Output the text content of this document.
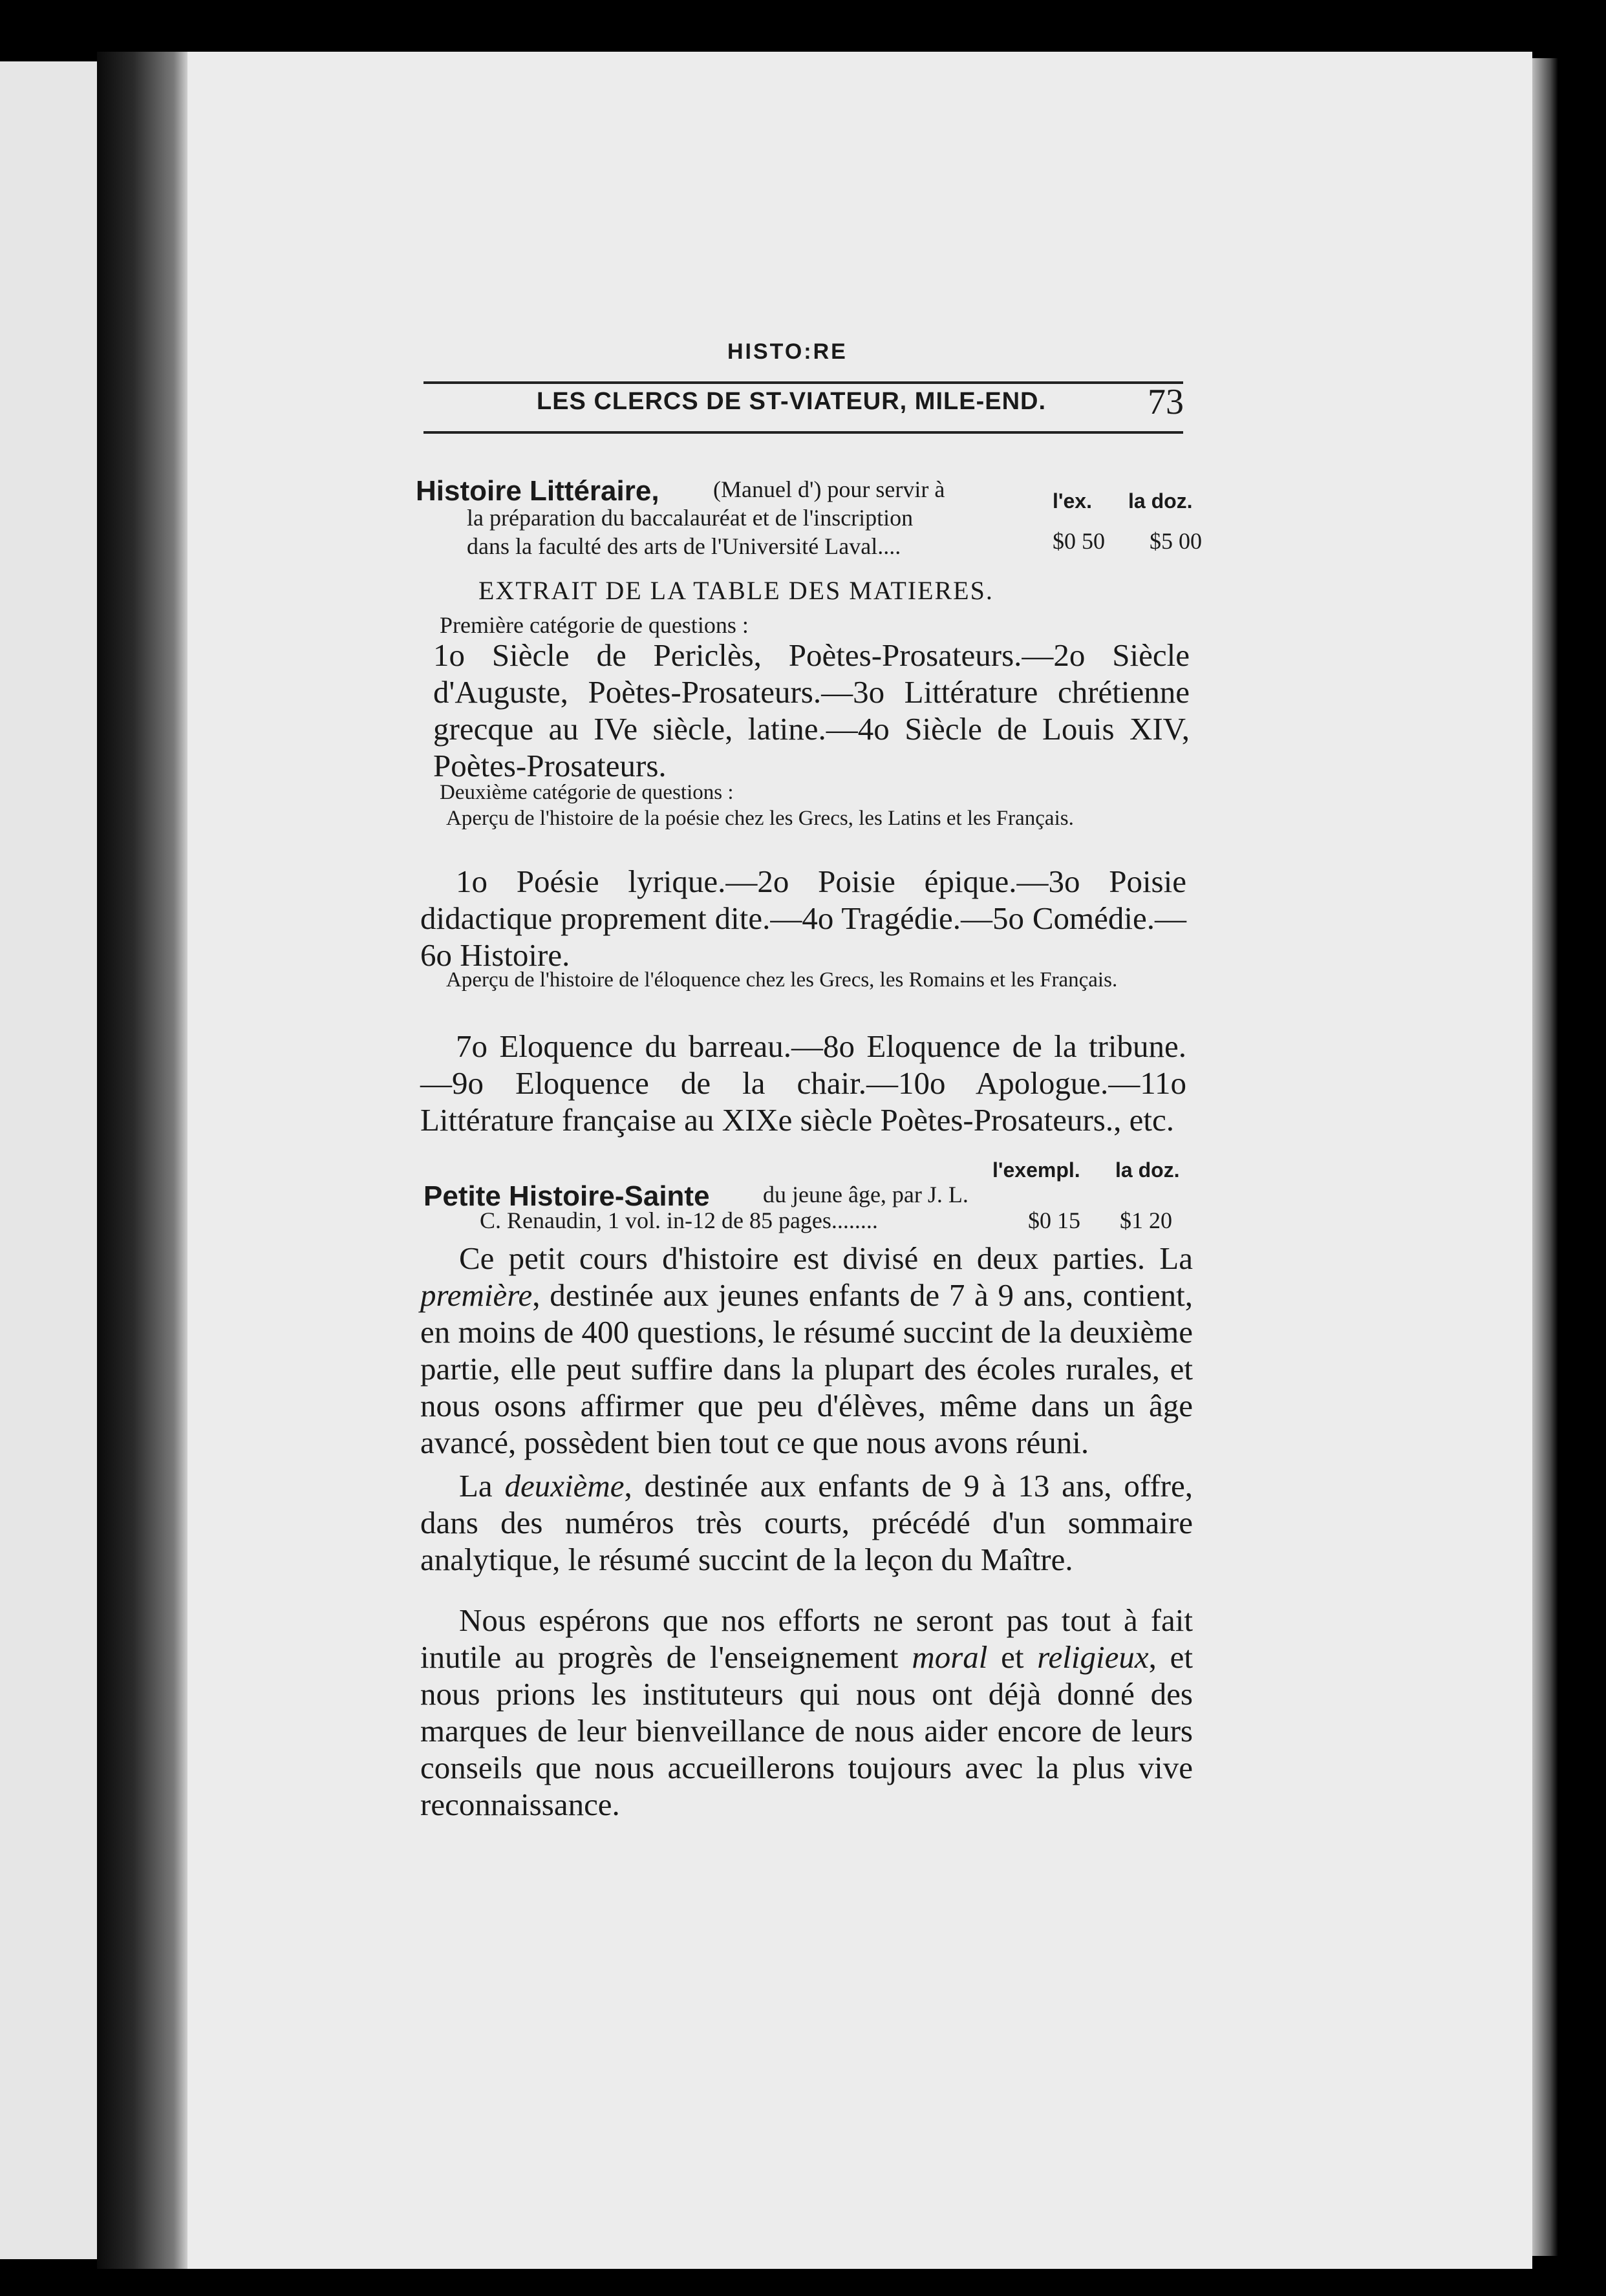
HISTO:RE
LES CLERCS DE ST-VIATEUR, MILE-END.	73
Histoire Littéraire, (Manuel d') pour servir à
la préparation du baccalauréat et de l'inscription
dans la faculté des arts de l'Université Laval....
l'ex. la doz.
$0 50 $5 00
EXTRAIT DE LA TABLE DES MATIERES.
Première catégorie de questions :
1o Siècle de Periclès, Poètes-Prosateurs.—2o Siècle d'Auguste, Poètes-Prosateurs.—3o Littérature chrétienne grecque au IVe siècle, latine.—4o Siècle de Louis XIV, Poètes-Prosateurs.
Deuxième catégorie de questions :
Aperçu de l'histoire de la poésie chez les Grecs, les Latins et les Français.
1o Poésie lyrique.—2o Poisie épique.—3o Poisie didactique proprement dite.—4o Tragédie.—5o Comédie.—6o Histoire.
Aperçu de l'histoire de l'éloquence chez les Grecs, les Romains et les Français.
7o Eloquence du barreau.—8o Eloquence de la tribune.—9o Eloquence de la chair.—10o Apologue.—11o Littérature française au XIXe siècle Poètes-Prosateurs., etc.
l'exempl. la doz.
Petite Histoire-Sainte du jeune âge, par J. L.
C. Renaudin, 1 vol. in-12 de 85 pages........	$0 15 $1 20
Ce petit cours d'histoire est divisé en deux parties. La première, destinée aux jeunes enfants de 7 à 9 ans, contient, en moins de 400 questions, le résumé succint de la deuxième partie, elle peut suffire dans la plupart des écoles rurales, et nous osons affirmer que peu d'élèves, même dans un âge avancé, possèdent bien tout ce que nous avons réuni.
La deuxième, destinée aux enfants de 9 à 13 ans, offre, dans des numéros très courts, précédé d'un sommaire analytique, le résumé succint de la leçon du Maître.
Nous espérons que nos efforts ne seront pas tout à fait inutile au progrès de l'enseignement moral et religieux, et nous prions les instituteurs qui nous ont déjà donné des marques de leur bienveillance de nous aider encore de leurs conseils que nous accueillerons toujours avec la plus vive reconnaissance.
